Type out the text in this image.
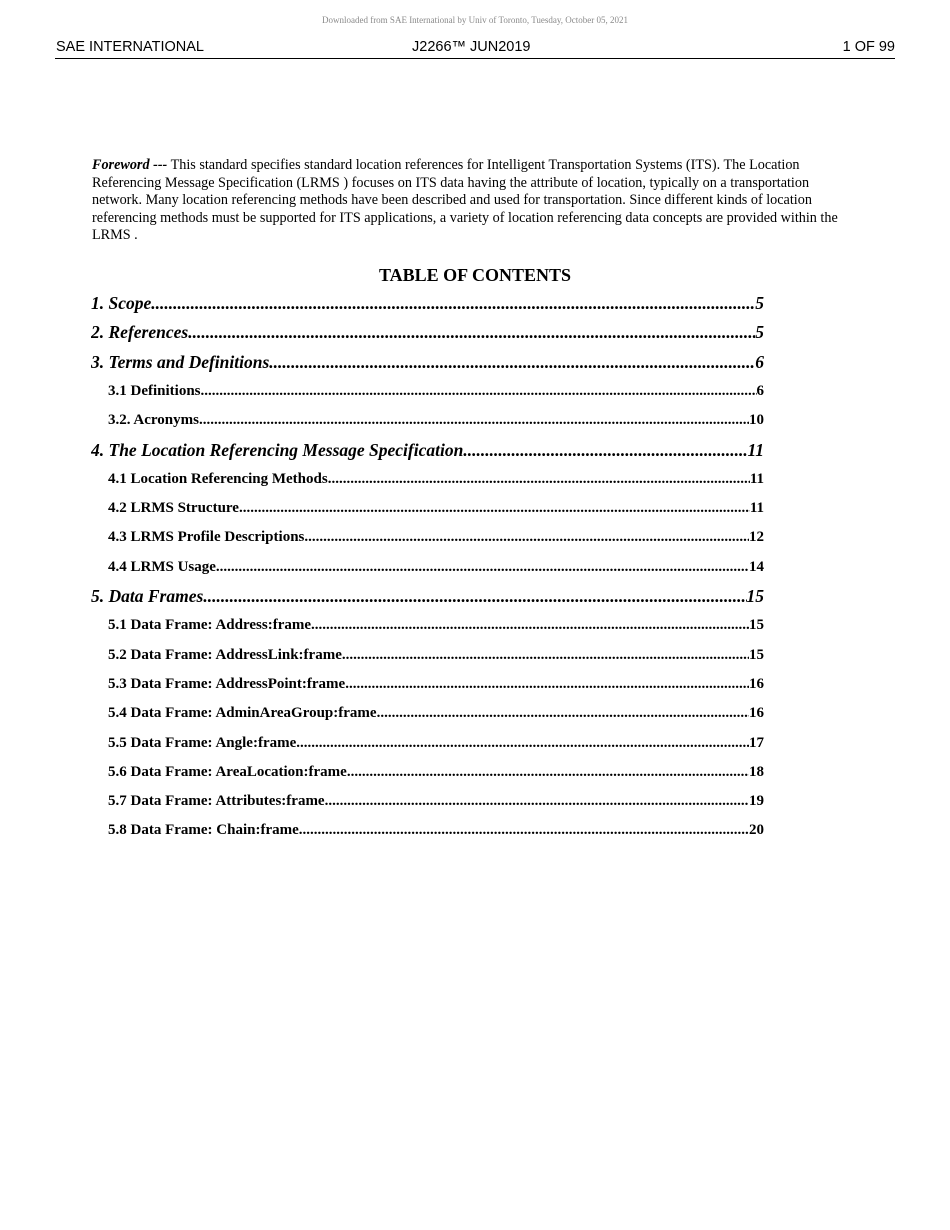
Downloaded from SAE International by Univ of Toronto, Tuesday, October 05, 2021
SAE INTERNATIONAL	J2266™ JUN2019	1 OF 99
Foreword --- This standard specifies standard location references for Intelligent Transportation Systems (ITS). The Location Referencing Message Specification (LRMS ) focuses on ITS data having the attribute of location, typically on a transportation network. Many location referencing methods have been described and used for transportation. Since different kinds of location referencing methods must be supported for ITS applications, a variety of location referencing data concepts are provided within the LRMS .
TABLE OF CONTENTS
1. Scope .....	5
2. References .....	5
3. Terms and Definitions .....	6
3.1 Definitions .....	6
3.2. Acronyms .....	10
4. The Location Referencing Message Specification .....	11
4.1 Location Referencing Methods .....	11
4.2 LRMS Structure .....	11
4.3 LRMS Profile Descriptions .....	12
4.4 LRMS Usage .....	14
5. Data Frames .....	15
5.1 Data Frame: Address:frame .....	15
5.2 Data Frame: AddressLink:frame .....	15
5.3 Data Frame: AddressPoint:frame .....	16
5.4 Data Frame: AdminAreaGroup:frame .....	16
5.5 Data Frame: Angle:frame .....	17
5.6 Data Frame: AreaLocation:frame .....	18
5.7 Data Frame: Attributes:frame .....	19
5.8 Data Frame: Chain:frame .....	20
